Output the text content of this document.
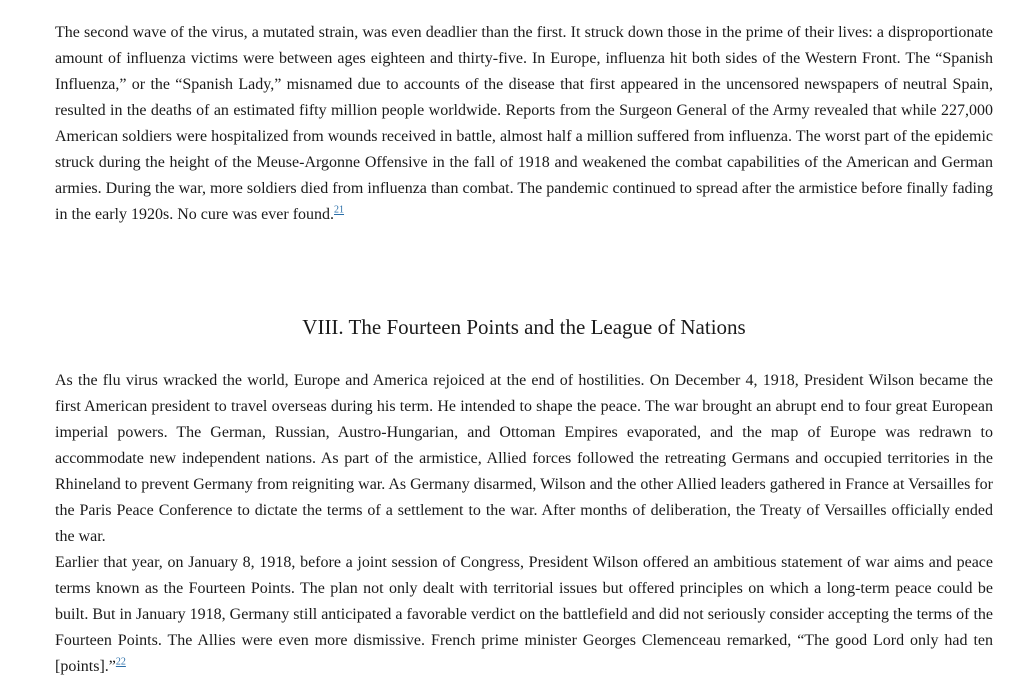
The second wave of the virus, a mutated strain, was even deadlier than the first. It struck down those in the prime of their lives: a disproportionate amount of influenza victims were between ages eighteen and thirty-five. In Europe, influenza hit both sides of the Western Front. The “Spanish Influenza,” or the “Spanish Lady,” misnamed due to accounts of the disease that first appeared in the uncensored newspapers of neutral Spain, resulted in the deaths of an estimated fifty million people worldwide. Reports from the Surgeon General of the Army revealed that while 227,000 American soldiers were hospitalized from wounds received in battle, almost half a million suffered from influenza. The worst part of the epidemic struck during the height of the Meuse-Argonne Offensive in the fall of 1918 and weakened the combat capabilities of the American and German armies. During the war, more soldiers died from influenza than combat. The pandemic continued to spread after the armistice before finally fading in the early 1920s. No cure was ever found.$^{21}$

VIII. The Fourteen Points and the League of Nations

As the flu virus wracked the world, Europe and America rejoiced at the end of hostilities. On December 4, 1918, President Wilson became the first American president to travel overseas during his term. He intended to shape the peace. The war brought an abrupt end to four great European imperial powers. The German, Russian, Austro-Hungarian, and Ottoman Empires evaporated, and the map of Europe was redrawn to accommodate new independent nations. As part of the armistice, Allied forces followed the retreating Germans and occupied territories in the Rhineland to prevent Germany from reigniting war. As Germany disarmed, Wilson and the other Allied leaders gathered in France at Versailles for the Paris Peace Conference to dictate the terms of a settlement to the war. After months of deliberation, the Treaty of Versailles officially ended the war.

Earlier that year, on January 8, 1918, before a joint session of Congress, President Wilson offered an ambitious statement of war aims and peace terms known as the Fourteen Points. The plan not only dealt with territorial issues but offered principles on which a long-term peace could be built. But in January 1918, Germany still anticipated a favorable verdict on the battlefield and did not seriously consider accepting the terms of the Fourteen Points. The Allies were even more dismissive. French prime minister Georges Clemenceau remarked, “The good Lord only had ten [points].”$^{22}$
